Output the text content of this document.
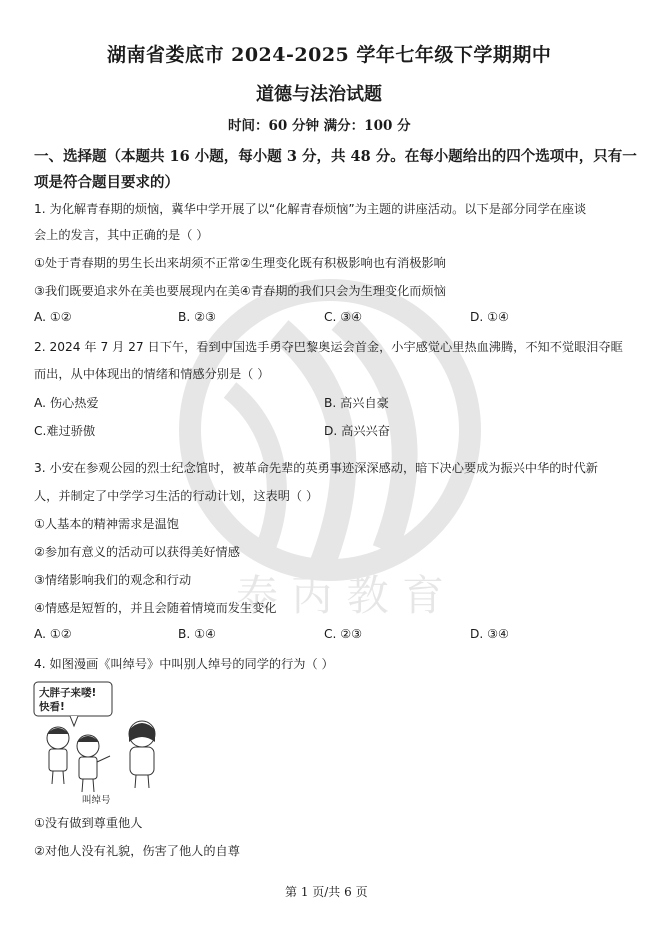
泰 丙 教 育
湖南省娄底市 2024-2025 学年七年级下学期期中
道德与法治试题
时间：60 分钟 满分：100 分
一、选择题（本题共 16 小题，每小题 3 分，共 48 分。在每小题给出的四个选项中，只有一
项是符合题目要求的）
1. 为化解青春期的烦恼，冀华中学开展了以“化解青春烦恼”为主题的讲座活动。以下是部分同学在座谈
会上的发言，其中正确的是（ ）
①处于青春期的男生长出来胡须不正常②生理变化既有积极影响也有消极影响
③我们既要追求外在美也要展现内在美④青春期的我们只会为生理变化而烦恼
A. ①②	B. ②③	C. ③④	D. ①④
2. 2024 年 7 月 27 日下午，看到中国选手勇夺巴黎奥运会首金，小宇感觉心里热血沸腾，不知不觉眼泪夺眶
而出，从中体现出的情绪和情感分别是（ ）
A. 伤心热爱	B. 高兴自豪
C.难过骄傲	D. 高兴兴奋
3. 小安在参观公园的烈士纪念馆时，被革命先辈的英勇事迹深深感动，暗下决心要成为振兴中华的时代新
人，并制定了中学学习生活的行动计划，这表明（ ）
①人基本的精神需求是温饱
②参加有意义的活动可以获得美好情感
③情绪影响我们的观念和行动
④情感是短暂的，并且会随着情境而发生变化
A. ①②	B. ①④	C. ②③	D. ③④
4. 如图漫画《叫绰号》中叫别人绰号的同学的行为（ ）
大胖子来喽!
快看!
叫绰号
①没有做到尊重他人
②对他人没有礼貌，伤害了他人的自尊
第 1 页/共 6 页
